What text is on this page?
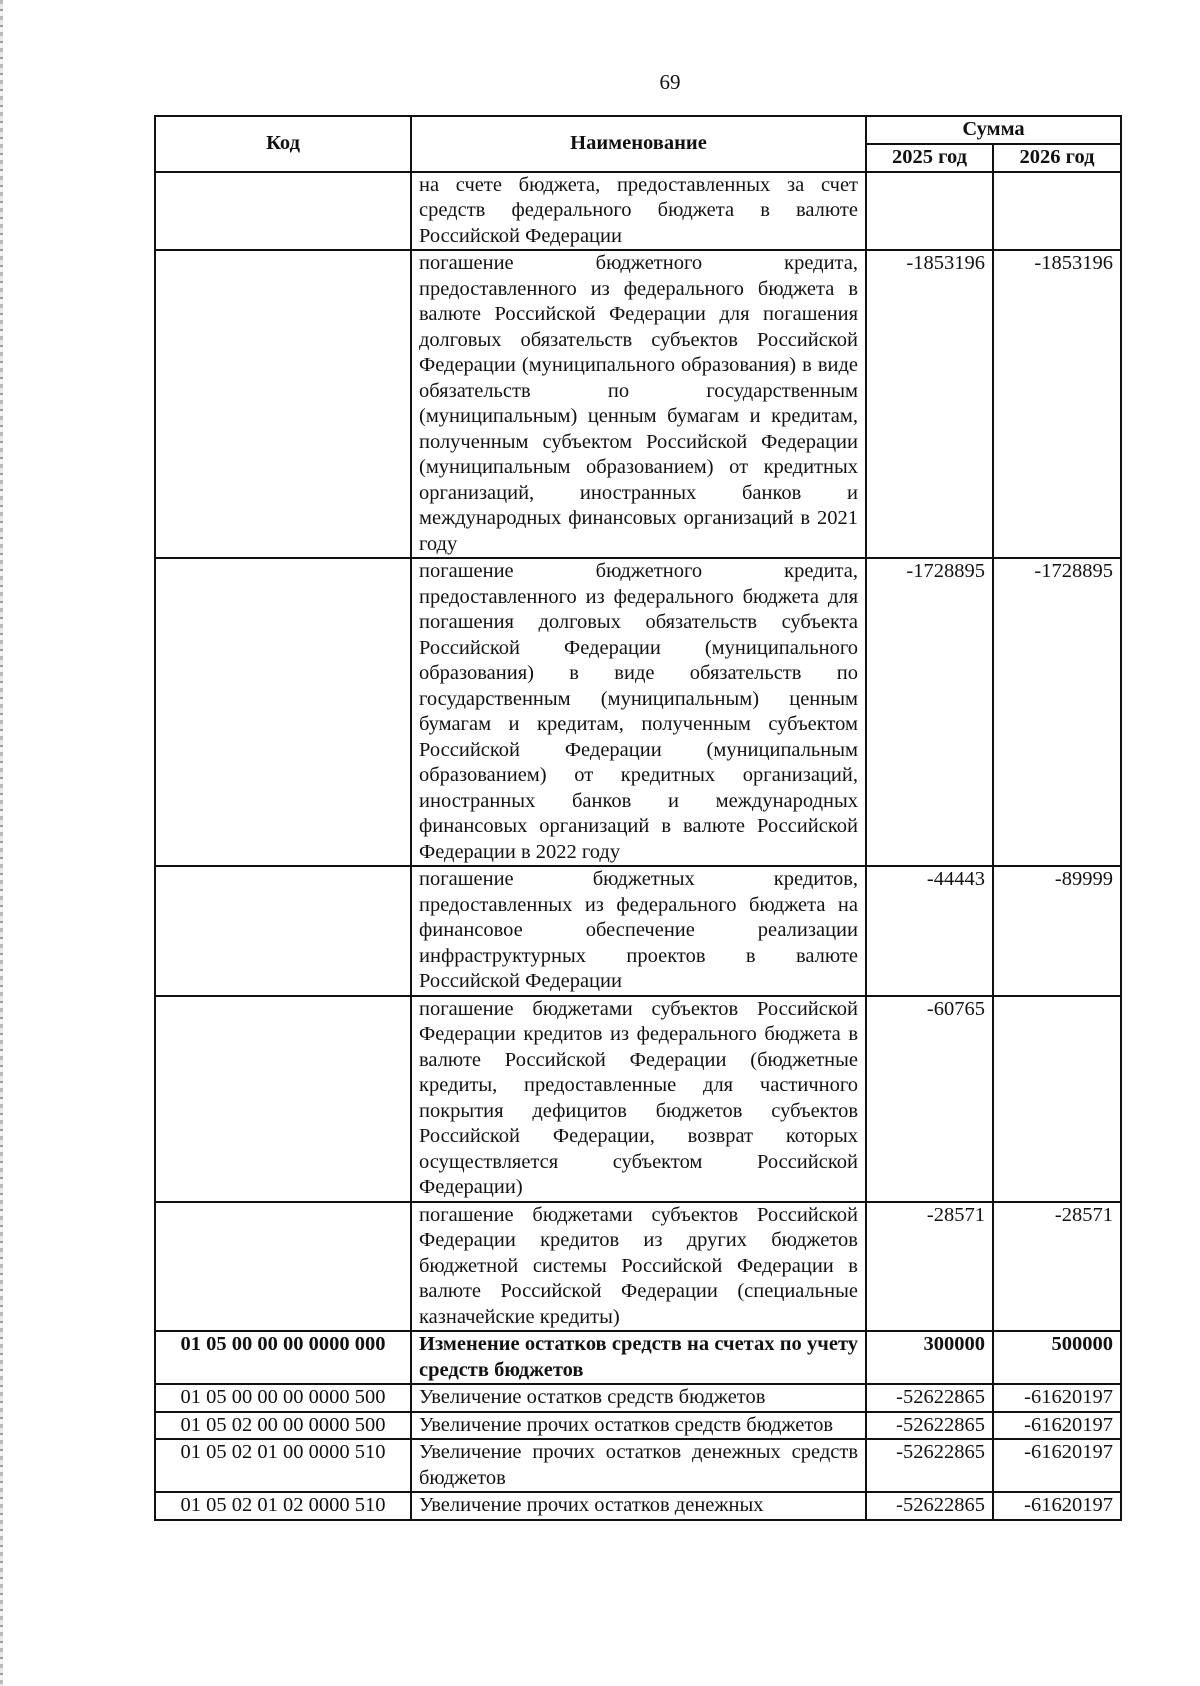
69
Код	Наименование	Сумма	
		2025 год	2026 год
	на счете бюджета, предоставленных за счет средств федерального бюджета в валюте Российской Федерации		
	погашение бюджетного кредита, предоставленного из федерального бюджета в валюте Российской Федерации для погашения долговых обязательств субъектов Российской Федерации (муниципального образования) в виде обязательств по государственным (муниципальным) ценным бумагам и кредитам, полученным субъектом Российской Федерации (муниципальным образованием) от кредитных организаций, иностранных банков и международных финансовых организаций в 2021 году	-1853196	-1853196
	погашение бюджетного кредита, предоставленного из федерального бюджета для погашения долговых обязательств субъекта Российской Федерации (муниципального образования) в виде обязательств по государственным (муниципальным) ценным бумагам и кредитам, полученным субъектом Российской Федерации (муниципальным образованием) от кредитных организаций, иностранных банков и международных финансовых организаций в валюте Российской Федерации в 2022 году	-1728895	-1728895
	погашение бюджетных кредитов, предоставленных из федерального бюджета на финансовое обеспечение реализации инфраструктурных проектов в валюте Российской Федерации	-44443	-89999
	погашение бюджетами субъектов Российской Федерации кредитов из федерального бюджета в валюте Российской Федерации (бюджетные кредиты, предоставленные для частичного покрытия дефицитов бюджетов субъектов Российской Федерации, возврат которых осуществляется субъектом Российской Федерации)	-60765	
	погашение бюджетами субъектов Российской Федерации кредитов из других бюджетов бюджетной системы Российской Федерации в валюте Российской Федерации (специальные казначейские кредиты)	-28571	-28571
01 05 00 00 00 0000 000	Изменение остатков средств на счетах по учету средств бюджетов	300000	500000
01 05 00 00 00 0000 500	Увеличение остатков средств бюджетов	-52622865	-61620197
01 05 02 00 00 0000 500	Увеличение прочих остатков средств бюджетов	-52622865	-61620197
01 05 02 01 00 0000 510	Увеличение прочих остатков денежных средств бюджетов	-52622865	-61620197
01 05 02 01 02 0000 510	Увеличение прочих остатков денежных	-52622865	-61620197
